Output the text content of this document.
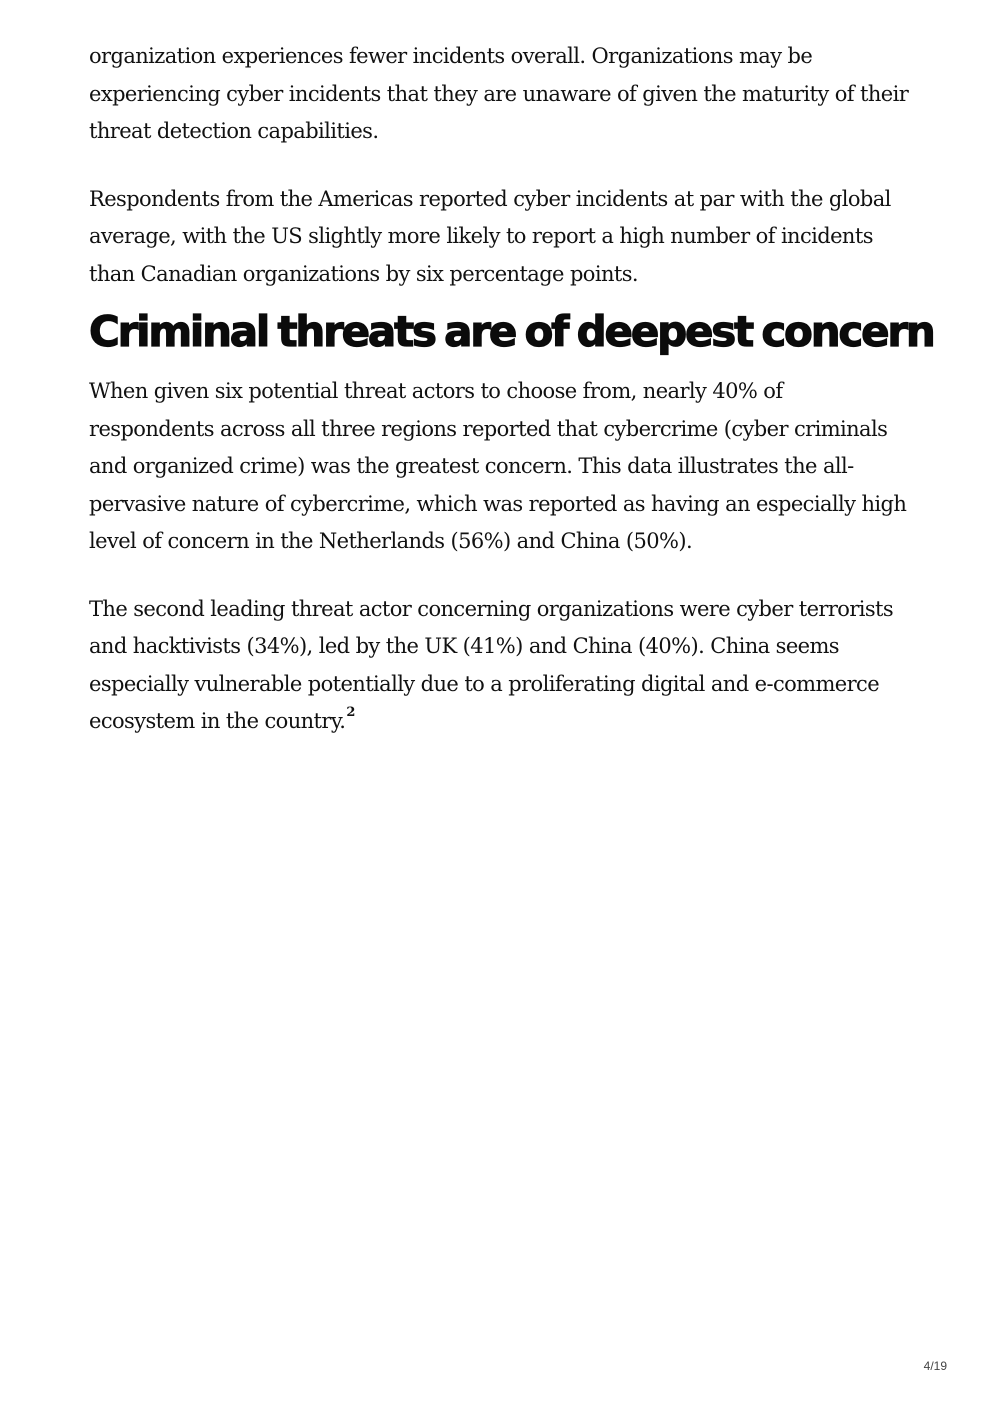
organization experiences fewer incidents overall. Organizations may be experiencing cyber incidents that they are unaware of given the maturity of their threat detection capabilities.

Respondents from the Americas reported cyber incidents at par with the global average, with the US slightly more likely to report a high number of incidents than Canadian organizations by six percentage points.

Criminal threats are of deepest concern

When given six potential threat actors to choose from, nearly 40% of respondents across all three regions reported that cybercrime (cyber criminals and organized crime) was the greatest concern. This data illustrates the all-pervasive nature of cybercrime, which was reported as having an especially high level of concern in the Netherlands (56%) and China (50%).

The second leading threat actor concerning organizations were cyber terrorists and hacktivists (34%), led by the UK (41%) and China (40%). China seems especially vulnerable potentially due to a proliferating digital and e-commerce ecosystem in the country.$^2$

4/19
